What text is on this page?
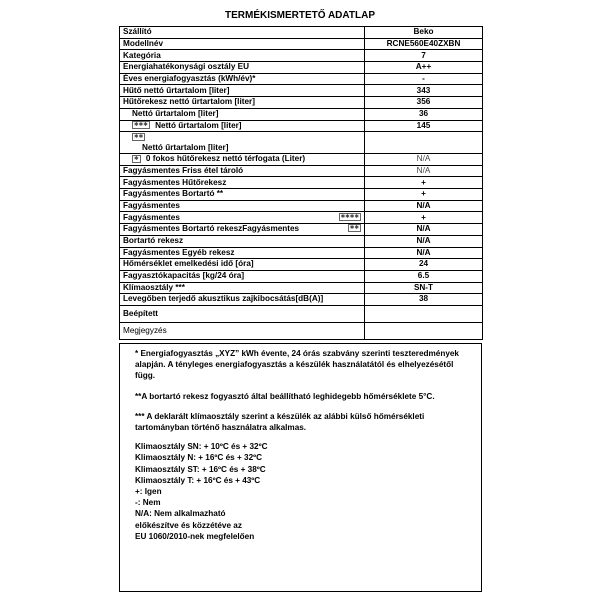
TERMÉKISMERTETŐ ADATLAP
Szállító	Beko
Modellnév	RCNE560E40ZXBN
Kategória	7
Energiahatékonysági osztály EU	A++
Éves energiafogyasztás (kWh/év)*	-
Hűtő nettó űrtartalom [liter]	343
Hűtőrekesz nettó űrtartalom [liter]	356
Nettó űrtartalom [liter]	36
✱✱✱ Nettó űrtartalom [liter]	145
✱✱
Nettó űrtartalom [liter]	
✱ 0 fokos hűtőrekesz nettó térfogata (Liter)	N/A
Fagyásmentes Friss étel tároló	N/A
Fagyásmentes Hűtőrekesz	+
Fagyásmentes Bortartó **	+
Fagyásmentes	N/A
Fagyásmentes ✱✱✱✱	+
Fagyásmentes Bortartó rekeszFagyásmentes ✱✱	N/A
Bortartó rekesz	N/A
Fagyásmentes Egyéb rekesz	N/A
Hőmérséklet emelkedési idő [óra]	24
Fagyasztókapacitás [kg/24 óra]	6.5
Klímaosztály ***	SN-T
Levegőben terjedő akusztikus zajkibocsátás[dB(A)]	38
Beépített	
Megjegyzés	

* Energiafogyasztás „XYZ” kWh évente, 24 órás szabvány szerinti teszteredmények alapján. A tényleges energiafogyasztás a készülék használatától és elhelyezésétől függ.

**A bortartó rekesz fogyasztó által beállítható leghidegebb hőmérséklete 5°C.

*** A deklarált klímaosztály szerint a készülék az alábbi külső hőmérsékleti tartományban történő használatra alkalmas.

Klimaosztály SN: + 10ºC és + 32ºC

Klimaosztály N: + 16ºC és + 32ºC

Klimaosztály ST: + 16ºC és + 38ºC

Klimaosztály T: + 16ºC és + 43ºC

+: Igen

-: Nem

N/A: Nem alkalmazható

előkészítve és közzétéve az

EU 1060/2010-nek megfelelően
